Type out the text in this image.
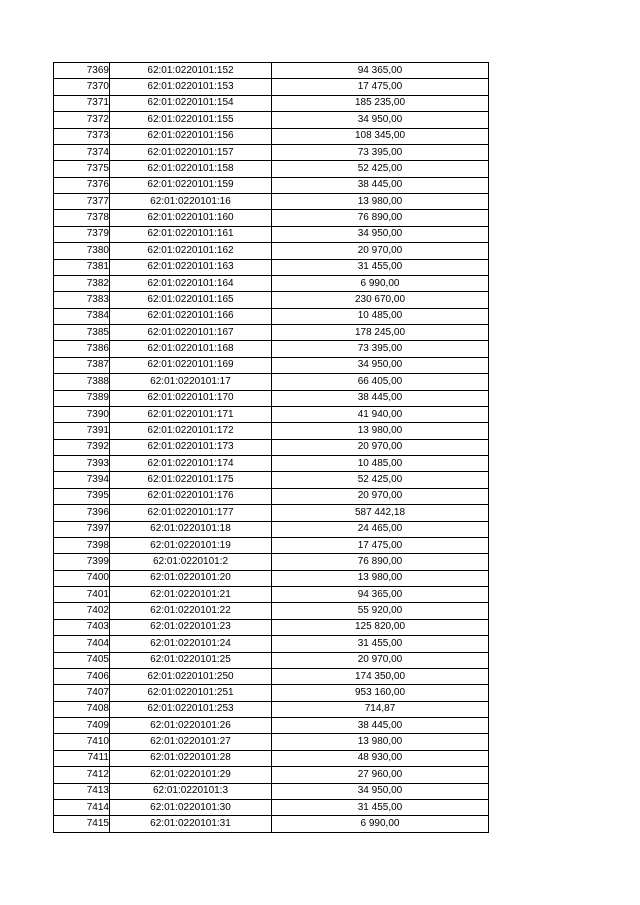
7369	62:01:0220101:152	94 365,00
7370	62:01:0220101:153	17 475,00
7371	62:01:0220101:154	185 235,00
7372	62:01:0220101:155	34 950,00
7373	62:01:0220101:156	108 345,00
7374	62:01:0220101:157	73 395,00
7375	62:01:0220101:158	52 425,00
7376	62:01:0220101:159	38 445,00
7377	62:01:0220101:16	13 980,00
7378	62:01:0220101:160	76 890,00
7379	62:01:0220101:161	34 950,00
7380	62:01:0220101:162	20 970,00
7381	62:01:0220101:163	31 455,00
7382	62:01:0220101:164	6 990,00
7383	62:01:0220101:165	230 670,00
7384	62:01:0220101:166	10 485,00
7385	62:01:0220101:167	178 245,00
7386	62:01:0220101:168	73 395,00
7387	62:01:0220101:169	34 950,00
7388	62:01:0220101:17	66 405,00
7389	62:01:0220101:170	38 445,00
7390	62:01:0220101:171	41 940,00
7391	62:01:0220101:172	13 980,00
7392	62:01:0220101:173	20 970,00
7393	62:01:0220101:174	10 485,00
7394	62:01:0220101:175	52 425,00
7395	62:01:0220101:176	20 970,00
7396	62:01:0220101:177	587 442,18
7397	62:01:0220101:18	24 465,00
7398	62:01:0220101:19	17 475,00
7399	62:01:0220101:2	76 890,00
7400	62:01:0220101:20	13 980,00
7401	62:01:0220101:21	94 365,00
7402	62:01:0220101:22	55 920,00
7403	62:01:0220101:23	125 820,00
7404	62:01:0220101:24	31 455,00
7405	62:01:0220101:25	20 970,00
7406	62:01:0220101:250	174 350,00
7407	62:01:0220101:251	953 160,00
7408	62:01:0220101:253	714,87
7409	62:01:0220101:26	38 445,00
7410	62:01:0220101:27	13 980,00
7411	62:01:0220101:28	48 930,00
7412	62:01:0220101:29	27 960,00
7413	62:01:0220101:3	34 950,00
7414	62:01:0220101:30	31 455,00
7415	62:01:0220101:31	6 990,00
